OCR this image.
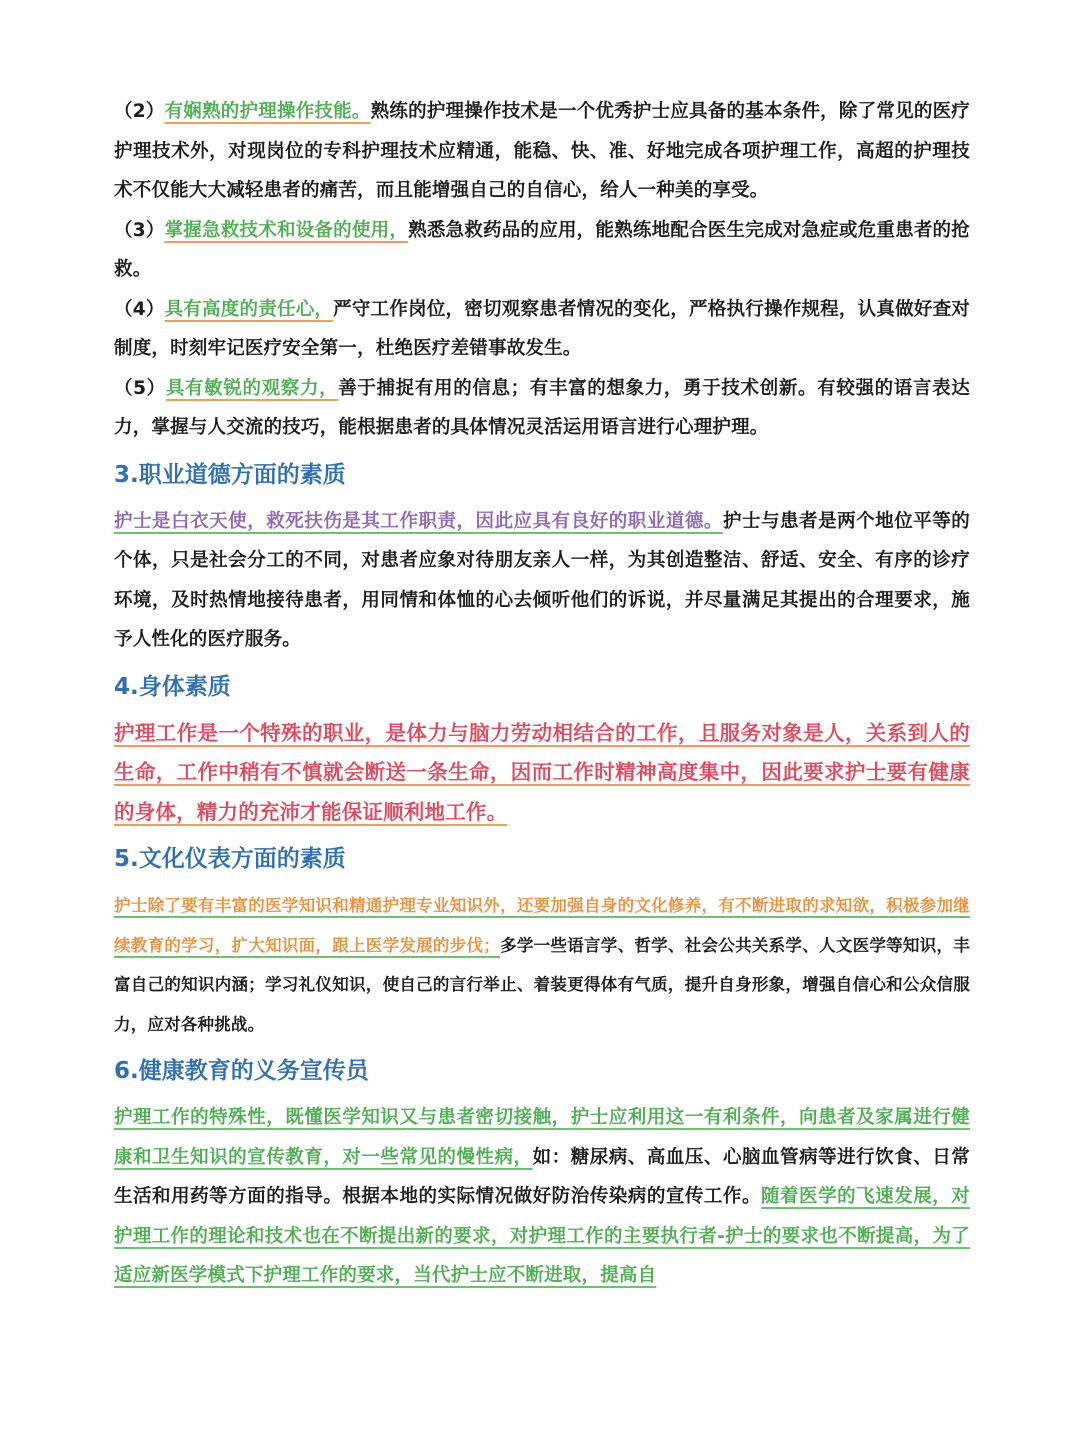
（2）有娴熟的护理操作技能。熟练的护理操作技术是一个优秀护士应具备的基本条件，除了常见的医疗护理技术外，对现岗位的专科护理技术应精通，能稳、快、准、好地完成各项护理工作，高超的护理技术不仅能大大减轻患者的痛苦，而且能增强自己的自信心，给人一种美的享受。

（3）掌握急救技术和设备的使用，熟悉急救药品的应用，能熟练地配合医生完成对急症或危重患者的抢救。

（4）具有高度的责任心，严守工作岗位，密切观察患者情况的变化，严格执行操作规程，认真做好查对制度，时刻牢记医疗安全第一，杜绝医疗差错事故发生。

（5）具有敏锐的观察力，善于捕捉有用的信息；有丰富的想象力，勇于技术创新。有较强的语言表达力，掌握与人交流的技巧，能根据患者的具体情况灵活运用语言进行心理护理。

3.职业道德方面的素质

护士是白衣天使，救死扶伤是其工作职责，因此应具有良好的职业道德。护士与患者是两个地位平等的个体，只是社会分工的不同，对患者应象对待朋友亲人一样，为其创造整洁、舒适、安全、有序的诊疗环境，及时热情地接待患者，用同情和体恤的心去倾听他们的诉说，并尽量满足其提出的合理要求，施予人性化的医疗服务。

4.身体素质

护理工作是一个特殊的职业，是体力与脑力劳动相结合的工作，且服务对象是人，关系到人的生命，工作中稍有不慎就会断送一条生命，因而工作时精神高度集中，因此要求护士要有健康的身体，精力的充沛才能保证顺利地工作。

5.文化仪表方面的素质

护士除了要有丰富的医学知识和精通护理专业知识外，还要加强自身的文化修养，有不断进取的求知欲，积极参加继续教育的学习，扩大知识面，跟上医学发展的步伐；多学一些语言学、哲学、社会公共关系学、人文医学等知识，丰富自己的知识内涵；学习礼仪知识，使自己的言行举止、着装更得体有气质，提升自身形象，增强自信心和公众信服力，应对各种挑战。

6.健康教育的义务宣传员

护理工作的特殊性，既懂医学知识又与患者密切接触，护士应利用这一有利条件，向患者及家属进行健康和卫生知识的宣传教育，对一些常见的慢性病，如：糖尿病、高血压、心脑血管病等进行饮食、日常生活和用药等方面的指导。根据本地的实际情况做好防治传染病的宣传工作。随着医学的飞速发展，对护理工作的理论和技术也在不断提出新的要求，对护理工作的主要执行者-护士的要求也不断提高，为了适应新医学模式下护理工作的要求，当代护士应不断进取，提高自
